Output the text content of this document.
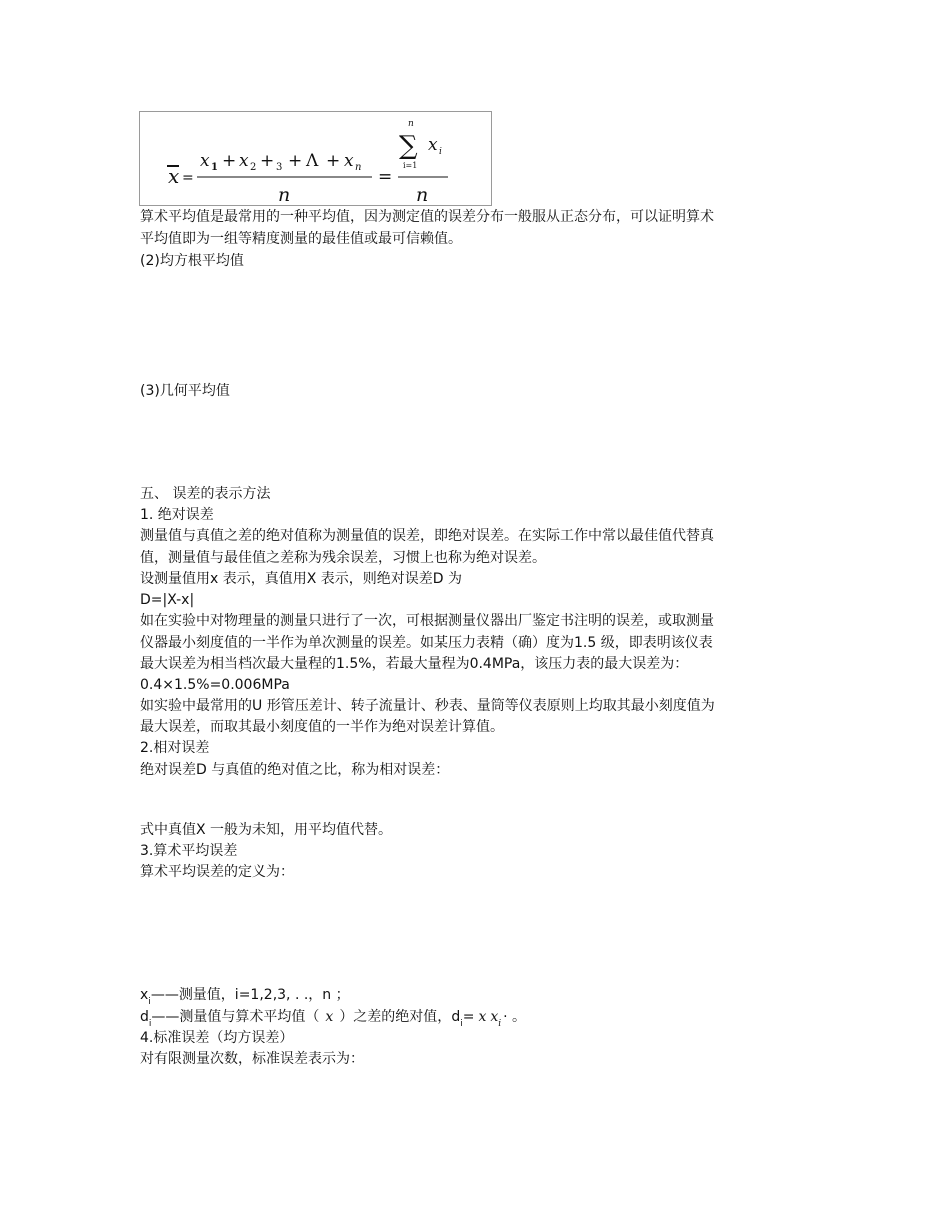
x =
x 1 + x 2 + 3 + Λ + x n
n
=
n
∑
i=1
x i
n
算术平均值是最常用的一种平均值，因为测定值的误差分布一般服从正态分布，可以证明算术
平均值即为一组等精度测量的最佳值或最可信赖值。
(2)均方根平均值
(3)几何平均值
五、 误差的表示方法
1. 绝对误差
测量值与真值之差的绝对值称为测量值的误差，即绝对误差。在实际工作中常以最佳值代替真
值，测量值与最佳值之差称为残余误差，习惯上也称为绝对误差。
设测量值用x 表示，真值用X 表示，则绝对误差D 为
D=|X-x|
如在实验中对物理量的测量只进行了一次，可根据测量仪器出厂鉴定书注明的误差，或取测量
仪器最小刻度值的一半作为单次测量的误差。如某压力表精（确）度为1.5 级，即表明该仪表
最大误差为相当档次最大量程的1.5%，若最大量程为0.4MPa，该压力表的最大误差为：
0.4×1.5%=0.006MPa
如实验中最常用的U 形管压差计、转子流量计、秒表、量筒等仪表原则上均取其最小刻度值为
最大误差，而取其最小刻度值的一半作为绝对误差计算值。
2.相对误差
绝对误差D 与真值的绝对值之比，称为相对误差：
式中真值X 一般为未知，用平均值代替。
3.算术平均误差
算术平均误差的定义为：
$x_i——$测量值，i=1,2,3, . .，n ；
$d_i——$测量值与算术平均值（ x ）之差的绝对值，$d_i= x$ $x_i$ · 。
4.标准误差（均方误差）
对有限测量次数，标准误差表示为：
